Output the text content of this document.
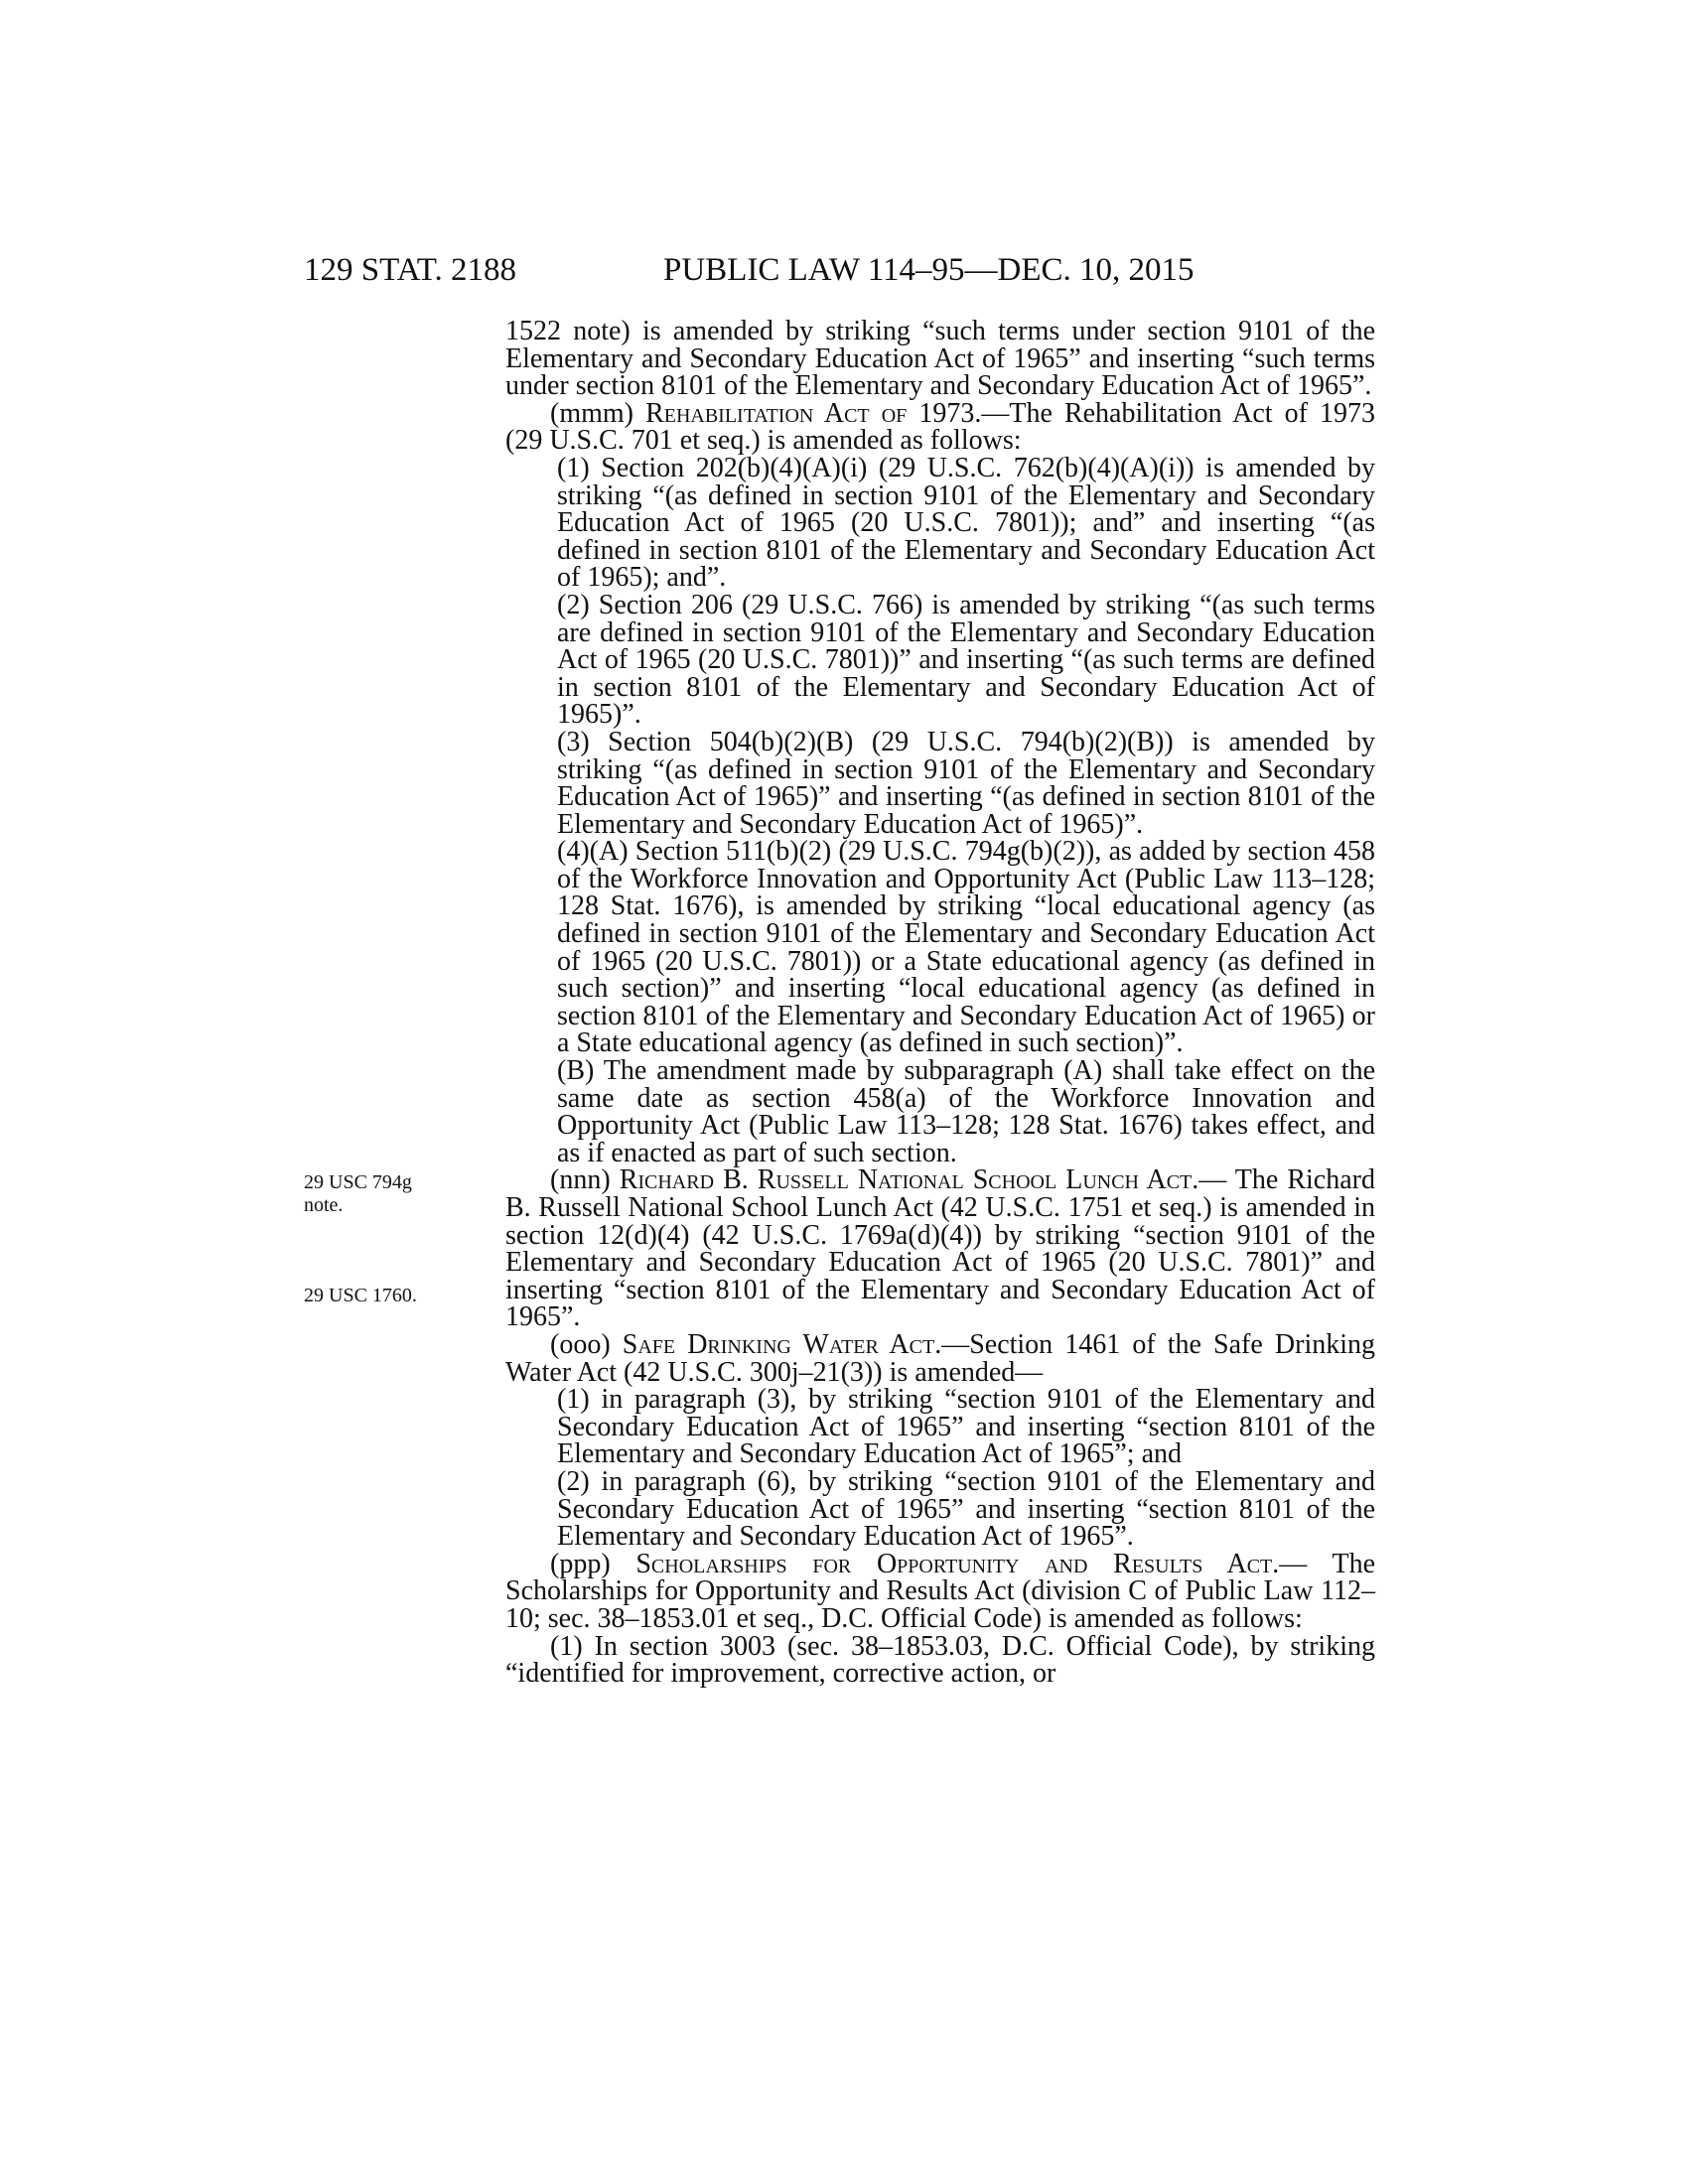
129 STAT. 2188	PUBLIC LAW 114–95—DEC. 10, 2015
29 USC 794g
note.
29 USC 1760.

1522 note) is amended by striking “such terms under section 9101 of the Elementary and Secondary Education Act of 1965” and inserting “such terms under section 8101 of the Elementary and Secondary Education Act of 1965”.

(mmm) Rehabilitation Act of 1973.—The Rehabilitation Act of 1973 (29 U.S.C. 701 et seq.) is amended as follows:

(1) Section 202(b)(4)(A)(i) (29 U.S.C. 762(b)(4)(A)(i)) is amended by striking “(as defined in section 9101 of the Elementary and Secondary Education Act of 1965 (20 U.S.C. 7801)); and” and inserting “(as defined in section 8101 of the Elementary and Secondary Education Act of 1965); and”.

(2) Section 206 (29 U.S.C. 766) is amended by striking “(as such terms are defined in section 9101 of the Elementary and Secondary Education Act of 1965 (20 U.S.C. 7801))” and inserting “(as such terms are defined in section 8101 of the Elementary and Secondary Education Act of 1965)”.

(3) Section 504(b)(2)(B) (29 U.S.C. 794(b)(2)(B)) is amended by striking “(as defined in section 9101 of the Elementary and Secondary Education Act of 1965)” and inserting “(as defined in section 8101 of the Elementary and Secondary Education Act of 1965)”.

(4)(A) Section 511(b)(2) (29 U.S.C. 794g(b)(2)), as added by section 458 of the Workforce Innovation and Opportunity Act (Public Law 113–128; 128 Stat. 1676), is amended by striking “local educational agency (as defined in section 9101 of the Elementary and Secondary Education Act of 1965 (20 U.S.C. 7801)) or a State educational agency (as defined in such section)” and inserting “local educational agency (as defined in section 8101 of the Elementary and Secondary Education Act of 1965) or a State educational agency (as defined in such section)”.

(B) The amendment made by subparagraph (A) shall take effect on the same date as section 458(a) of the Workforce Innovation and Opportunity Act (Public Law 113–128; 128 Stat. 1676) takes effect, and as if enacted as part of such section.

(nnn) Richard B. Russell National School Lunch Act.— The Richard B. Russell National School Lunch Act (42 U.S.C. 1751 et seq.) is amended in section 12(d)(4) (42 U.S.C. 1769a(d)(4)) by striking “section 9101 of the Elementary and Secondary Education Act of 1965 (20 U.S.C. 7801)” and inserting “section 8101 of the Elementary and Secondary Education Act of 1965”.

(ooo) Safe Drinking Water Act.—Section 1461 of the Safe Drinking Water Act (42 U.S.C. 300j–21(3)) is amended—

(1) in paragraph (3), by striking “section 9101 of the Elementary and Secondary Education Act of 1965” and inserting “section 8101 of the Elementary and Secondary Education Act of 1965”; and

(2) in paragraph (6), by striking “section 9101 of the Elementary and Secondary Education Act of 1965” and inserting “section 8101 of the Elementary and Secondary Education Act of 1965”.

(ppp) Scholarships for Opportunity and Results Act.— The Scholarships for Opportunity and Results Act (division C of Public Law 112–10; sec. 38–1853.01 et seq., D.C. Official Code) is amended as follows:

(1) In section 3003 (sec. 38–1853.03, D.C. Official Code), by striking “identified for improvement, corrective action, or
